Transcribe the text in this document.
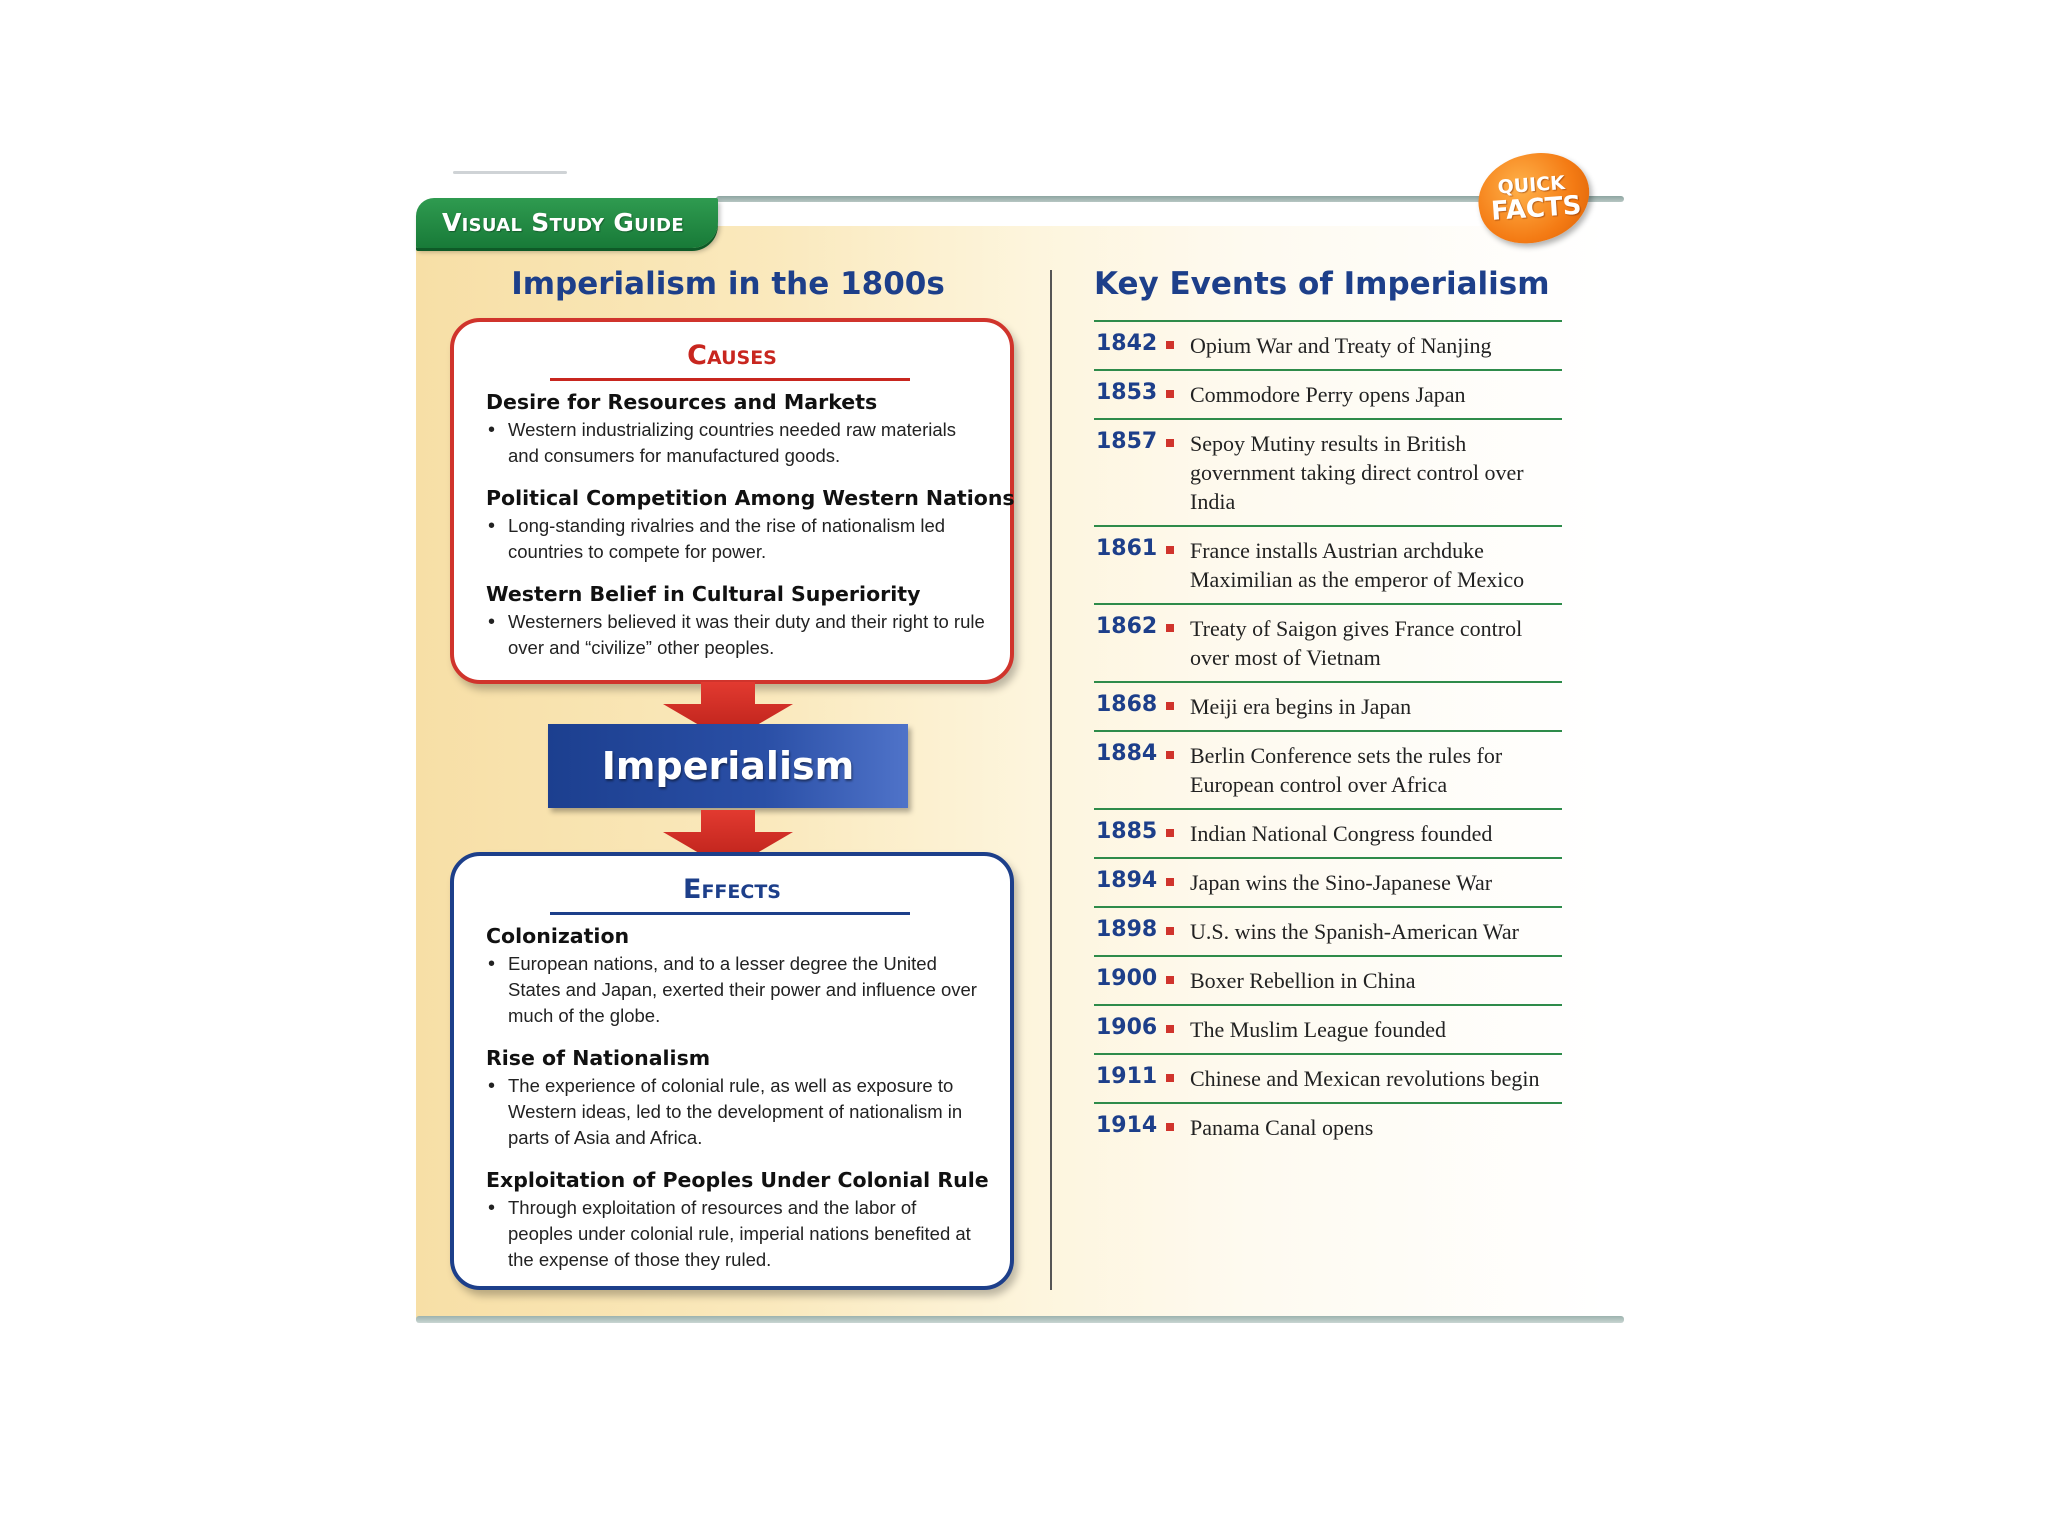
Visual Study Guide
QUICK
FACTS
Imperialism in the 1800s
Causes
Desire for Resources and Markets
• Western industrializing countries needed raw materials and consumers for manufactured goods.
Political Competition Among Western Nations
• Long-standing rivalries and the rise of nationalism led countries to compete for power.
Western Belief in Cultural Superiority
• Westerners believed it was their duty and their right to rule over and “civilize” other peoples.
Imperialism
Effects
Colonization
• European nations, and to a lesser degree the United States and Japan, exerted their power and influence over much of the globe.
Rise of Nationalism
• The experience of colonial rule, as well as exposure to Western ideas, led to the development of nationalism in parts of Asia and Africa.
Exploitation of Peoples Under Colonial Rule
• Through exploitation of resources and the labor of peoples under colonial rule, imperial nations benefited at the expense of those they ruled.
Key Events of Imperialism
1842 Opium War and Treaty of Nanjing
1853 Commodore Perry opens Japan
1857 Sepoy Mutiny results in British government taking direct control over India
1861 France installs Austrian archduke Maximilian as the emperor of Mexico
1862 Treaty of Saigon gives France control over most of Vietnam
1868 Meiji era begins in Japan
1884 Berlin Conference sets the rules for European control over Africa
1885 Indian National Congress founded
1894 Japan wins the Sino-Japanese War
1898 U.S. wins the Spanish-American War
1900 Boxer Rebellion in China
1906 The Muslim League founded
1911 Chinese and Mexican revolutions begin
1914 Panama Canal opens
